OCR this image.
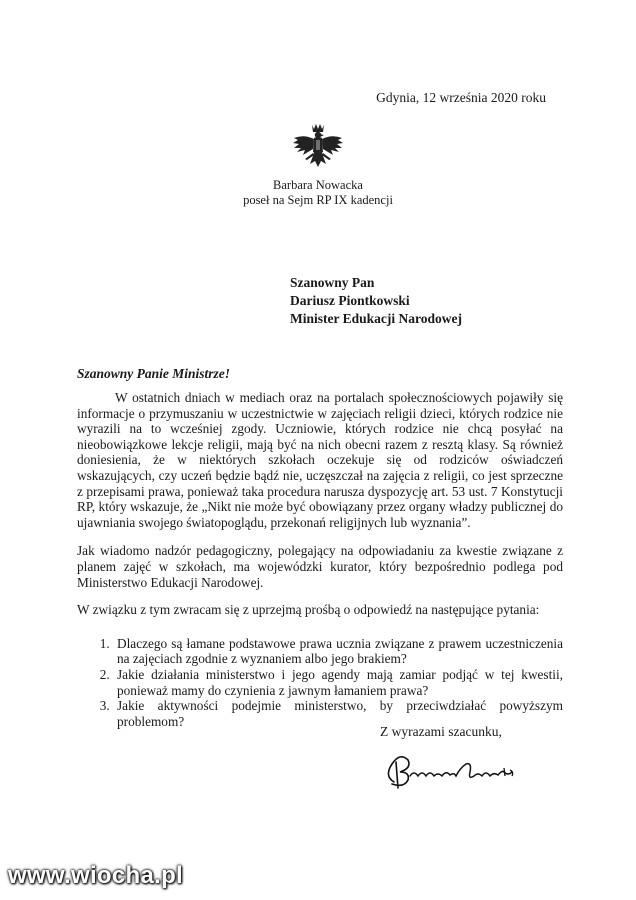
Gdynia, 12 września 2020 roku
Barbara Nowacka
poseł na Sejm RP IX kadencji
Szanowny Pan
Dariusz Piontkowski
Minister Edukacji Narodowej
Szanowny Panie Ministrze!

W ostatnich dniach w mediach oraz na portalach społecznościowych pojawiły się informacje o przymuszaniu w uczestnictwie w zajęciach religii dzieci, których rodzice nie wyrazili na to wcześniej zgody. Uczniowie, których rodzice nie chcą posyłać na nieobowiązkowe lekcje religii, mają być na nich obecni razem z resztą klasy. Są również doniesienia, że w niektórych szkołach oczekuje się od rodziców oświadczeń wskazujących, czy uczeń będzie bądź nie, uczęszczał na zajęcia z religii, co jest sprzeczne z przepisami prawa, ponieważ taka procedura narusza dyspozycję art. 53 ust. 7 Konstytucji RP, który wskazuje, że „Nikt nie może być obowiązany przez organy władzy publicznej do ujawniania swojego światopoglądu, przekonań religijnych lub wyznania”.

Jak wiadomo nadzór pedagogiczny, polegający na odpowiadaniu za kwestie związane z planem zajęć w szkołach, ma wojewódzki kurator, który bezpośrednio podlega pod Ministerstwo Edukacji Narodowej.

W związku z tym zwracam się z uprzejmą prośbą o odpowiedź na następujące pytania:

1. Dlaczego są łamane podstawowe prawa ucznia związane z prawem uczestniczenia na zajęciach zgodnie z wyznaniem albo jego brakiem?
2. Jakie działania ministerstwo i jego agendy mają zamiar podjąć w tej kwestii, ponieważ mamy do czynienia z jawnym łamaniem prawa?
3. Jakie aktywności podejmie ministerstwo, by przeciwdziałać powyższym problemom?
Z wyrazami szacunku,
www.wiocha.pl
